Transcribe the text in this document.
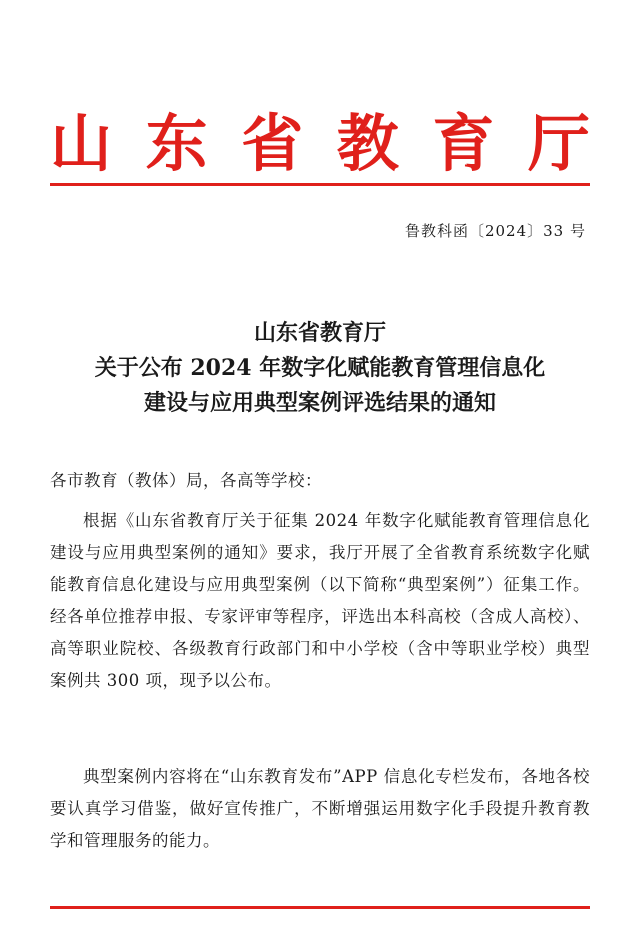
山 东 省 教 育 厅
鲁教科函〔2024〕33 号
山东省教育厅
关于公布 2024 年数字化赋能教育管理信息化
建设与应用典型案例评选结果的通知
各市教育（教体）局，各高等学校：

根据《山东省教育厅关于征集 2024 年数字化赋能教育管理信息化建设与应用典型案例的通知》要求，我厅开展了全省教育系统数字化赋能教育信息化建设与应用典型案例（以下简称“典型案例”）征集工作。经各单位推荐申报、专家评审等程序，评选出本科高校（含成人高校）、高等职业院校、各级教育行政部门和中小学校（含中等职业学校）典型案例共 300 项，现予以公布。

典型案例内容将在“山东教育发布”APP 信息化专栏发布，各地各校要认真学习借鉴，做好宣传推广，不断增强运用数字化手段提升教育教学和管理服务的能力。
